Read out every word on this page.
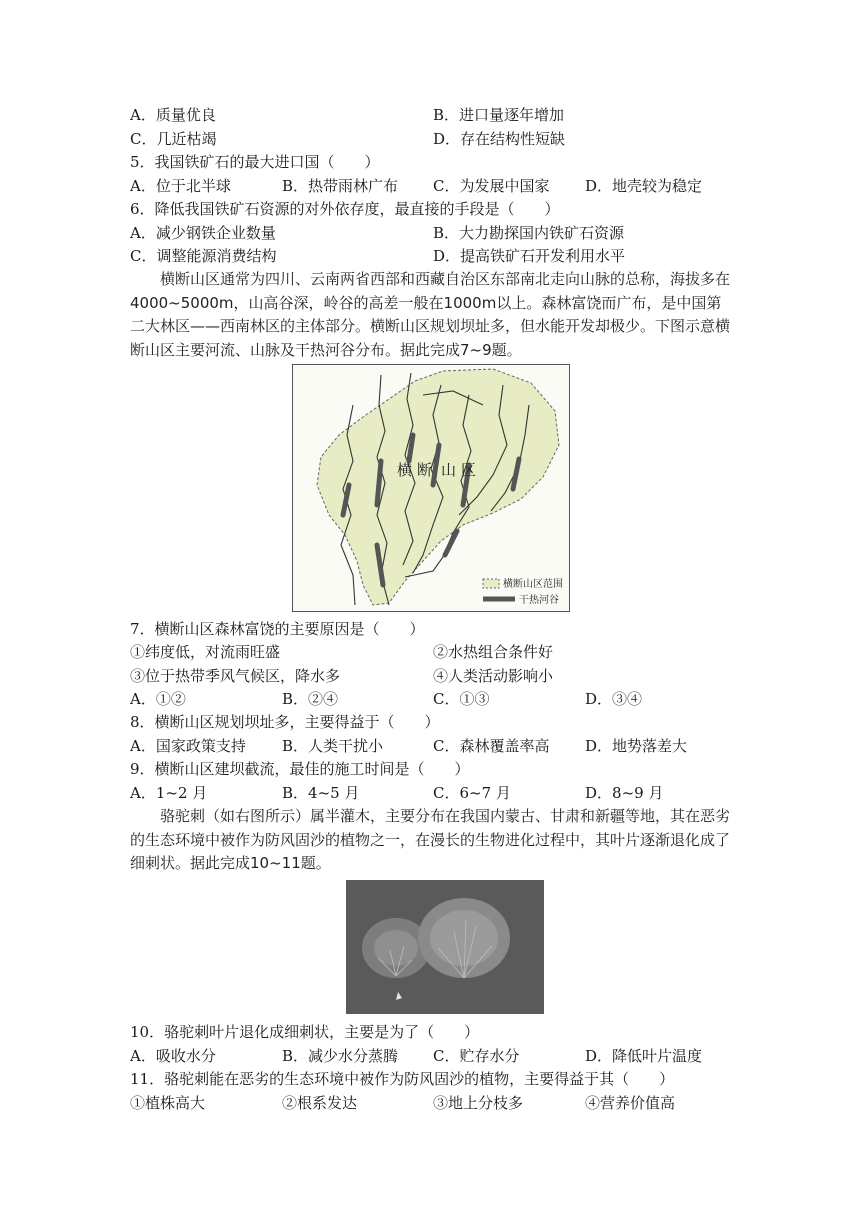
A．质量优良	B．进口量逐年增加
C．几近枯竭	D．存在结构性短缺
5．我国铁矿石的最大进口国（　　）
A．位于北半球	B．热带雨林广布 C．为发展中国家 D．地壳较为稳定
6．降低我国铁矿石资源的对外依存度，最直接的手段是（　　）
A．减少钢铁企业数量	B．大力勘探国内铁矿石资源
C．调整能源消费结构	D．提高铁矿石开发利用水平
横断山区通常为四川、云南两省西部和西藏自治区东部南北走向山脉的总称，海拔多在4000~5000m，山高谷深，岭谷的高差一般在1000m以上。森林富饶而广布，是中国第二大林区——西南林区的主体部分。横断山区规划坝址多，但水能开发却极少。下图示意横断山区主要河流、山脉及干热河谷分布。据此完成7~9题。
横 断 山 区
横断山区范围
干热河谷
7．横断山区森林富饶的主要原因是（　　）
①纬度低，对流雨旺盛	②水热组合条件好
③位于热带季风气候区，降水多	④人类活动影响小
A．①②	B．②④	C．①③	D．③④
8．横断山区规划坝址多，主要得益于（　　）
A．国家政策支持 B．人类干扰小	C．森林覆盖率高 D．地势落差大
9．横断山区建坝截流，最佳的施工时间是（　　）
A．1~2 月	B．4~5 月	C．6~7 月	D．8~9 月
骆驼刺（如右图所示）属半灌木，主要分布在我国内蒙古、甘肃和新疆等地，其在恶劣的生态环境中被作为防风固沙的植物之一，在漫长的生物进化过程中，其叶片逐渐退化成了细刺状。据此完成10~11题。
10．骆驼刺叶片退化成细刺状，主要是为了（　　）
A．吸收水分	B．减少水分蒸腾 C．贮存水分	D．降低叶片温度
11．骆驼刺能在恶劣的生态环境中被作为防风固沙的植物，主要得益于其（　　）
①植株高大	②根系发达	③地上分枝多	④营养价值高
